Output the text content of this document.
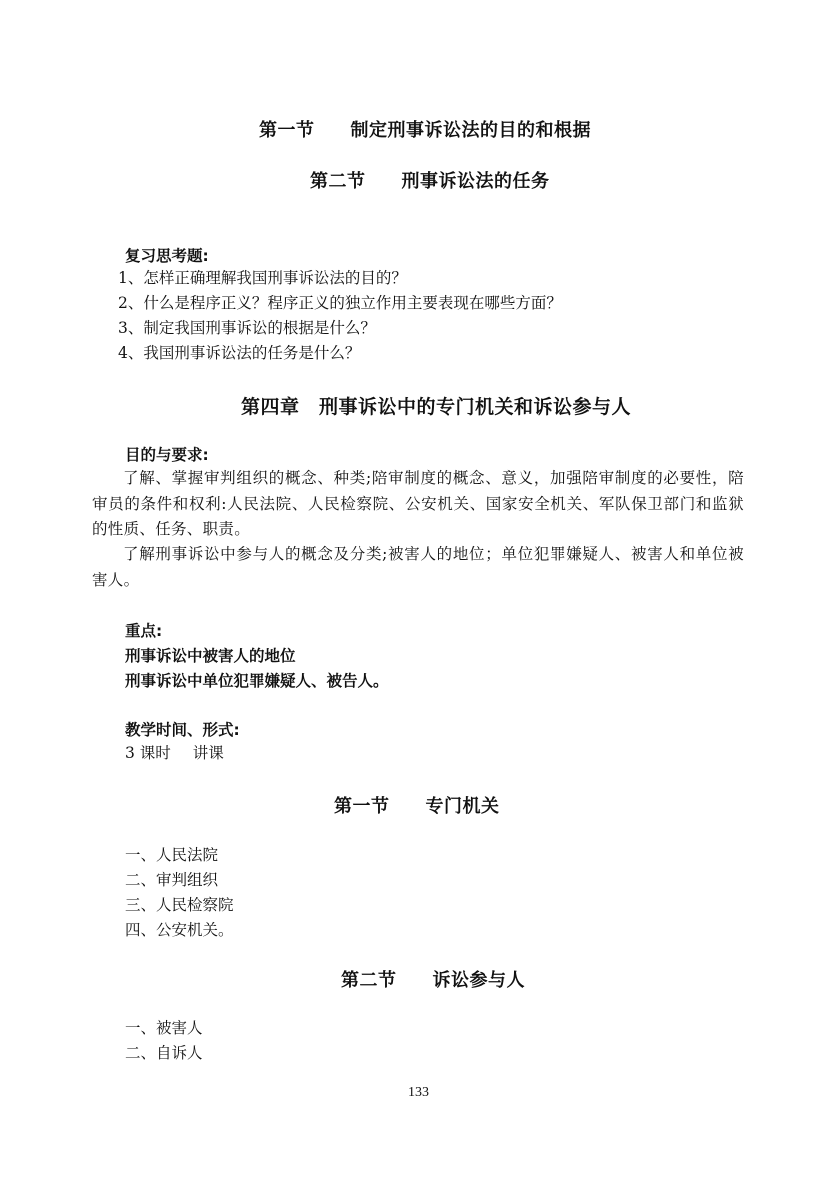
第一节 制定刑事诉讼法的目的和根据
第二节 刑事诉讼法的任务
复习思考题:
1、怎样正确理解我国刑事诉讼法的目的？
2、什么是程序正义？程序正义的独立作用主要表现在哪些方面？
3、制定我国刑事诉讼的根据是什么？
4、我国刑事诉讼法的任务是什么？
第四章　刑事诉讼中的专门机关和诉讼参与人
目的与要求:
了解、掌握审判组织的概念、种类;陪审制度的概念、意义，加强陪审制度的必要性，陪审员的条件和权利:人民法院、人民检察院、公安机关、国家安全机关、军队保卫部门和监狱的性质、任务、职责。
了解刑事诉讼中参与人的概念及分类;被害人的地位；单位犯罪嫌疑人、被害人和单位被害人。
重点:
刑事诉讼中被害人的地位
刑事诉讼中单位犯罪嫌疑人、被告人。
教学时间、形式:
3 课时 讲课
第一节 专门机关
一、人民法院
二、审判组织
三、人民检察院
四、公安机关。
第二节 诉讼参与人
一、被害人
二、自诉人
133
